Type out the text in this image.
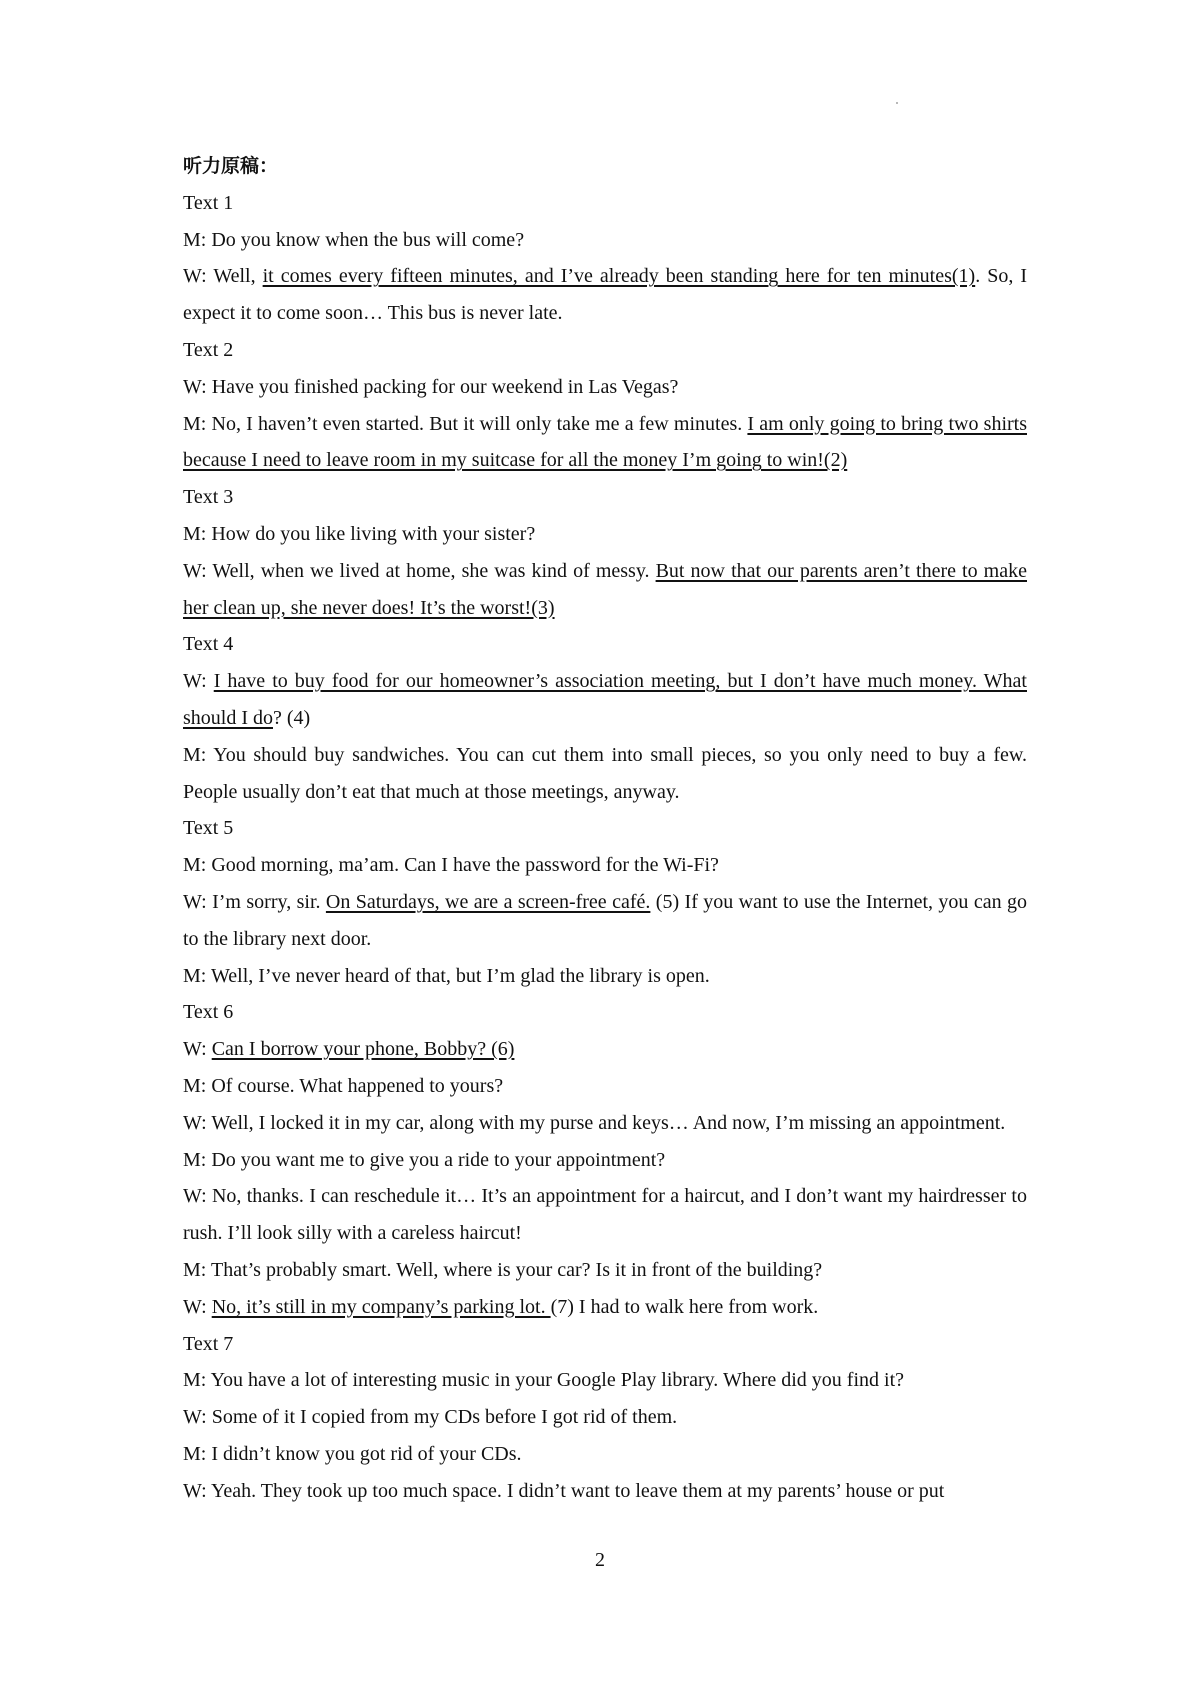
听力原稿：
Text 1
M: Do you know when the bus will come?
W: Well, it comes every fifteen minutes, and I’ve already been standing here for ten minutes(1). So, I expect it to come soon… This bus is never late.
Text 2
W: Have you finished packing for our weekend in Las Vegas?
M: No, I haven’t even started. But it will only take me a few minutes. I am only going to bring two shirts because I need to leave room in my suitcase for all the money I’m going to win!(2)
Text 3
M: How do you like living with your sister?
W: Well, when we lived at home, she was kind of messy. But now that our parents aren’t there to make her clean up, she never does! It’s the worst!(3)
Text 4
W: I have to buy food for our homeowner’s association meeting, but I don’t have much money. What should I do? (4)
M: You should buy sandwiches. You can cut them into small pieces, so you only need to buy a few. People usually don’t eat that much at those meetings, anyway.
Text 5
M: Good morning, ma’am. Can I have the password for the Wi-Fi?
W: I’m sorry, sir. On Saturdays, we are a screen-free café. (5) If you want to use the Internet, you can go to the library next door.
M: Well, I’ve never heard of that, but I’m glad the library is open.
Text 6
W: Can I borrow your phone, Bobby? (6)
M: Of course. What happened to yours?
W: Well, I locked it in my car, along with my purse and keys… And now, I’m missing an appointment.
M: Do you want me to give you a ride to your appointment?
W: No, thanks. I can reschedule it… It’s an appointment for a haircut, and I don’t want my hairdresser to rush. I’ll look silly with a careless haircut!
M: That’s probably smart. Well, where is your car? Is it in front of the building?
W: No, it’s still in my company’s parking lot. (7) I had to walk here from work.
Text 7
M: You have a lot of interesting music in your Google Play library. Where did you find it?
W: Some of it I copied from my CDs before I got rid of them.
M: I didn’t know you got rid of your CDs.
W: Yeah. They took up too much space. I didn’t want to leave them at my parents’ house or put
2
